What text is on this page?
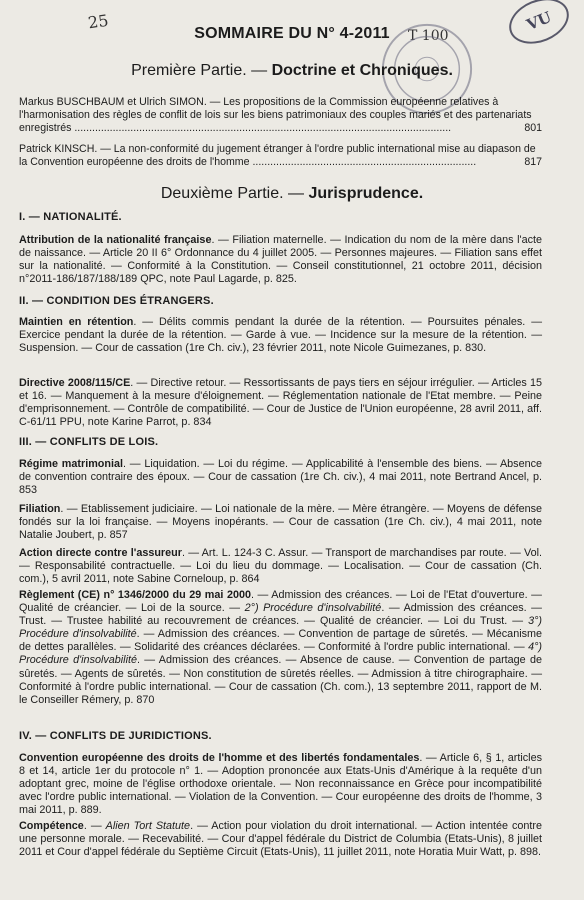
25
T 100
VU
SOMMAIRE DU N° 4-2011
Première Partie. — Doctrine et Chroniques.
Markus BUSCHBAUM et Ulrich SIMON. — Les propositions de la Commission européenne relatives à l'harmonisation des règles de conflit de lois sur les biens patrimoniaux des couples mariés et des partenariats enregistrés ................................................................................................................................	801
Patrick KINSCH. — La non-conformité du jugement étranger à l'ordre public international mise au diapason de la Convention européenne des droits de l'homme ............................................................................	817
Deuxième Partie. — Jurisprudence.
I. — NATIONALITÉ.
Attribution de la nationalité française. — Filiation maternelle. — Indication du nom de la mère dans l'acte de naissance. — Article 20 II 6° Ordonnance du 4 juillet 2005. — Personnes majeures. — Filiation sans effet sur la nationalité. — Conformité à la Constitution. — Conseil constitutionnel, 21 octobre 2011, décision n°2011-186/187/188/189 QPC, note Paul Lagarde, p. 825.
II. — CONDITION DES ÉTRANGERS.
Maintien en rétention. — Délits commis pendant la durée de la rétention. — Poursuites pénales. — Exercice pendant la durée de la rétention. — Garde à vue. — Incidence sur la mesure de la rétention. — Suspension. — Cour de cassation (1re Ch. civ.), 23 février 2011, note Nicole Guimezanes, p. 830.
Directive 2008/115/CE. — Directive retour. — Ressortissants de pays tiers en séjour irrégulier. — Articles 15 et 16. — Manquement à la mesure d'éloignement. — Réglementation nationale de l'Etat membre. — Peine d'emprisonnement. — Contrôle de compatibilité. — Cour de Justice de l'Union européenne, 28 avril 2011, aff. C-61/11 PPU, note Karine Parrot, p. 834
III. — CONFLITS DE LOIS.
Régime matrimonial. — Liquidation. — Loi du régime. — Applicabilité à l'ensemble des biens. — Absence de convention contraire des époux. — Cour de cassation (1re Ch. civ.), 4 mai 2011, note Bertrand Ancel, p. 853
Filiation. — Etablissement judiciaire. — Loi nationale de la mère. — Mère étrangère. — Moyens de défense fondés sur la loi française. — Moyens inopérants. — Cour de cassation (1re Ch. civ.), 4 mai 2011, note Natalie Joubert, p. 857
Action directe contre l'assureur. — Art. L. 124-3 C. Assur. — Transport de marchandises par route. — Vol. — Responsabilité contractuelle. — Loi du lieu du dommage. — Localisation. — Cour de cassation (Ch. com.), 5 avril 2011, note Sabine Corneloup, p. 864
Règlement (CE) n° 1346/2000 du 29 mai 2000. — Admission des créances. — Loi de l'Etat d'ouverture. — Qualité de créancier. — Loi de la source. — 2°) Procédure d'insolvabilité. — Admission des créances. — Trust. — Trustee habilité au recouvrement de créances. — Qualité de créancier. — Loi du Trust. — 3°) Procédure d'insolvabilité. — Admission des créances. — Convention de partage de sûretés. — Mécanisme de dettes parallèles. — Solidarité des créances déclarées. — Conformité à l'ordre public international. — 4°) Procédure d'insolvabilité. — Admission des créances. — Absence de cause. — Convention de partage de sûretés. — Agents de sûretés. — Non constitution de sûretés réelles. — Admission à titre chirographaire. — Conformité à l'ordre public international. — Cour de cassation (Ch. com.), 13 septembre 2011, rapport de M. le Conseiller Rémery, p. 870
IV. — CONFLITS DE JURIDICTIONS.
Convention européenne des droits de l'homme et des libertés fondamentales. — Article 6, § 1, articles 8 et 14, article 1er du protocole n° 1. — Adoption prononcée aux Etats-Unis d'Amérique à la requête d'un adoptant grec, moine de l'église orthodoxe orientale. — Non reconnaissance en Grèce pour incompatibilité avec l'ordre public international. — Violation de la Convention. — Cour européenne des droits de l'homme, 3 mai 2011, p. 889.
Compétence. — Alien Tort Statute. — Action pour violation du droit international. — Action intentée contre une personne morale. — Recevabilité. — Cour d'appel fédérale du District de Columbia (Etats-Unis), 8 juillet 2011 et Cour d'appel fédérale du Septième Circuit (Etats-Unis), 11 juillet 2011, note Horatia Muir Watt, p. 898.
